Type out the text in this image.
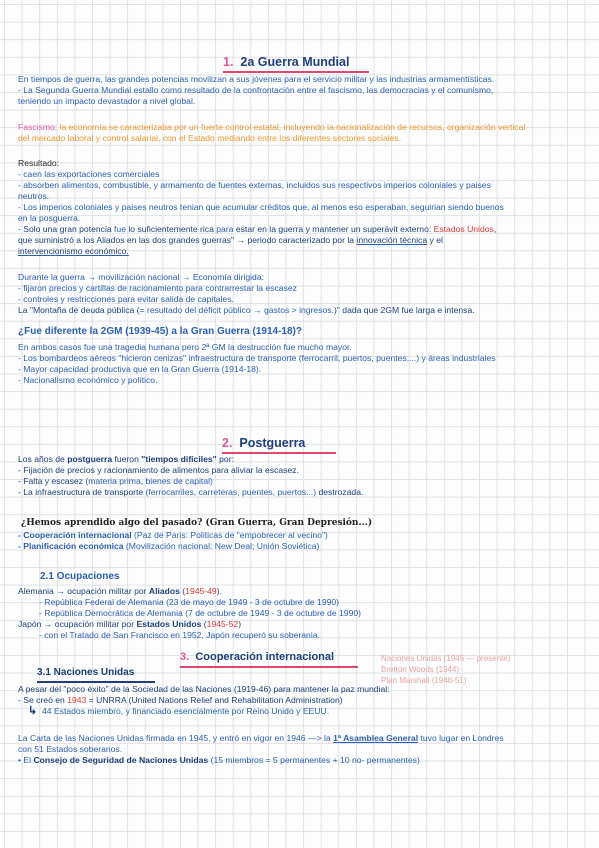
1. 2a Guerra Mundial
En tiempos de guerra, las grandes potencias movilizan a sus jóvenes para el servicio militar y las industrias armamentísticas.
- La Segunda Guerra Mundial estallo como resultado de la confrontación entre el fascismo, las democracias y el comunismo,
teniendo un impacto devastador a nivel global.
Fascismo: la economía se caracterizaba por un fuerte control estatal, incluyendo la nacionalización de recursos, organización vertical
del mercado laboral y control salarial, con el Estado mediando entre los diferentes sectores sociales.
Resultado:
- caen las exportaciones comerciales
- absorben alimentos, combustible, y armamento de fuentes externas, incluidos sus respectivos imperios coloniales y paises
neutros.
- Los imperios coloniales y paises neutros tenian que acumular créditos que, al menos eso esperaban, seguirian siendo buenos
en la posguerra.
- Solo una gran potencia fue lo suficientemente rica para estar en la guerra y mantener un superávit externo: Estados Unidos,
que suministró a los Aliados en las dos grandes guerras" → periodo caracterizado por la innovación técnica y el
intervencionismo económico.
Durante la guerra → movilización nacional → Economía dirigida:
- fijaron precios y cartillas de racionamiento para contrarrestar la escasez
- controles y restricciones para evitar salida de capitales.
La "Montaña de deuda pública (= resultado del déficit público → gastos > ingresos.)" dada que 2GM fue larga e intensa.
¿Fue diferente la 2GM (1939-45) a la Gran Guerra (1914-18)?
En ambos casos fue una tragedia humana pero 2ª GM la destrucción fue mucho mayor.
- Los bombardeos aéreos "hicieron cenizas" infraestructura de transporte (ferrocarril, puertos, puentes,...) y áreas industriales
- Mayor capacidad productiva que en la Gran Guerra (1914-18).
- Nacionalismo económico y político.
2. Postguerra
Los años de postguerra fueron "tiempos difíciles" por:
- Fijación de precios y racionamiento de alimentos para aliviar la escasez.
- Falta y escasez (materia prima, bienes de capital)
- La infraestructura de transporte (ferrocarriles, carreteras, puentes, puertos...) destrozada.
¿Hemos aprendido algo del pasado? (Gran Guerra, Gran Depresión...)
- Cooperación internacional (Paz de Paris: Politicas de "empobrecer al vecino")
- Planificación económica (Movilización nacional: New Deal; Unión Soviética)
2.1 Ocupaciones
Alemania → ocupación militar por Aliados (1945-49).
- República Federal de Alemania (23 de mayo de 1949 - 3 de octubre de 1990)
- República Democrática de Alemania (7 de octubre de 1949 - 3 de octubre de 1990)
Japón → ocupación militar por Estados Unidos (1945-52)
- con el Tratado de San Francisco en 1952, Japón recuperó su soberania.
3. Cooperación internacional	Naciones Unidas (1945 — presente)
Bretton Woods (1944)
Plan Marshall (1948-51)
3.1 Naciones Unidas
A pesar del "poco éxito" de la Sociedad de las Naciones (1919-46) para mantener la paz mundial:
- Se creó en 1943 = UNRRA (United Nations Relief and Rehabilitation Administration)
↳ 44 Estados miembro, y financiado esencialmente por Reino Unido y EEUU.
La Carta de las Naciones Unidas firmada en 1945, y entró en vigor en 1946 —> la 1ª Asamblea General tuvo lugar en Londres
con 51 Estados soberanos.
• El Consejo de Seguridad de Naciones Unidas (15 miembros = 5 permanentes + 10 no- permanentes)
